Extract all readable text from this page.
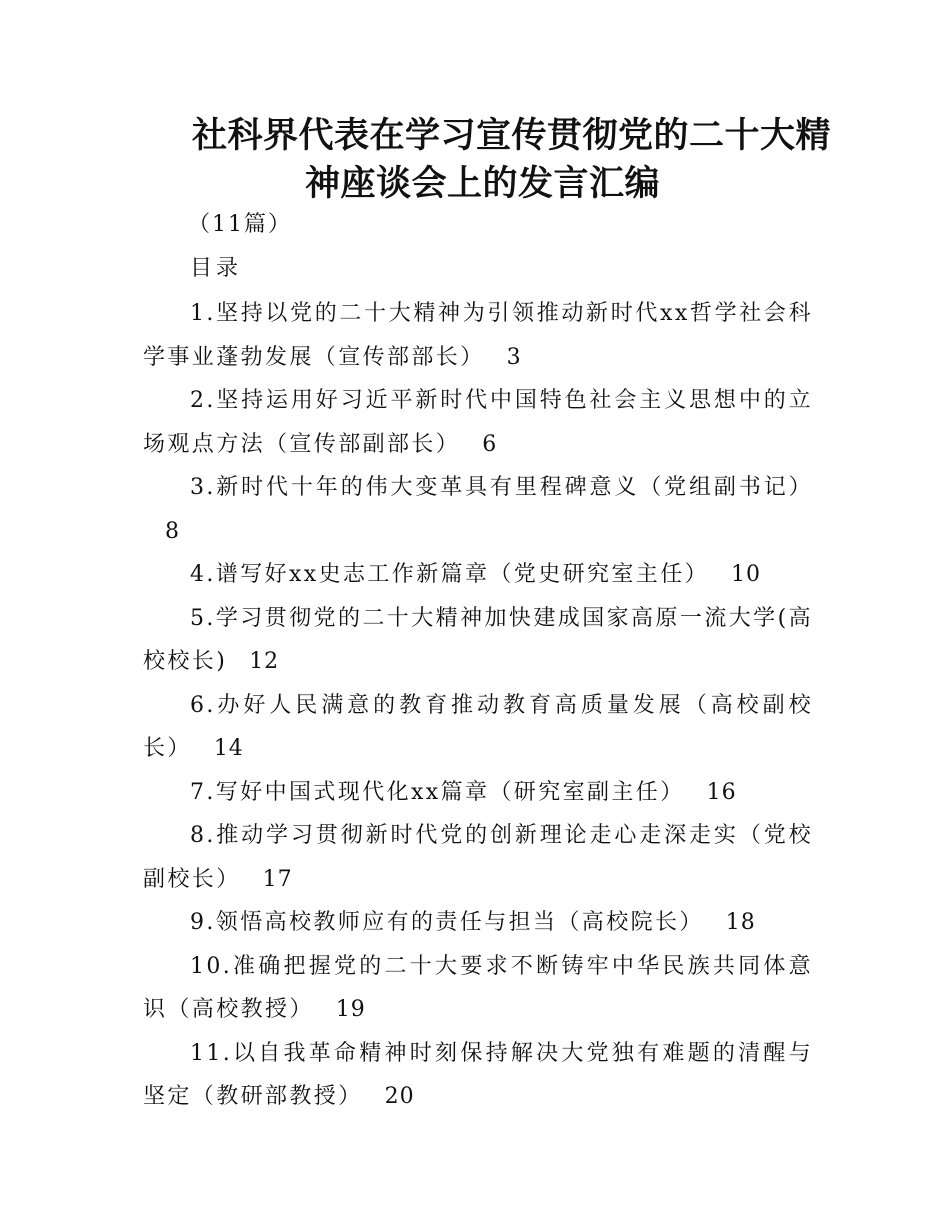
社科界代表在学习宣传贯彻党的二十大精
神座谈会上的发言汇编
（11篇）
目录
1.坚持以党的二十大精神为引领推动新时代xx哲学社会科学事业蓬勃发展（宣传部部长） 3
2.坚持运用好习近平新时代中国特色社会主义思想中的立场观点方法（宣传部副部长） 6
3.新时代十年的伟大变革具有里程碑意义（党组副书记）8
4.谱写好xx史志工作新篇章（党史研究室主任） 10
5.学习贯彻党的二十大精神加快建成国家高原一流大学(高校校长) 12
6.办好人民满意的教育推动教育高质量发展（高校副校长） 14
7.写好中国式现代化xx篇章（研究室副主任） 16
8.推动学习贯彻新时代党的创新理论走心走深走实（党校副校长） 17
9.领悟高校教师应有的责任与担当（高校院长） 18
10.准确把握党的二十大要求不断铸牢中华民族共同体意识（高校教授） 19
11.以自我革命精神时刻保持解决大党独有难题的清醒与坚定（教研部教授） 20
